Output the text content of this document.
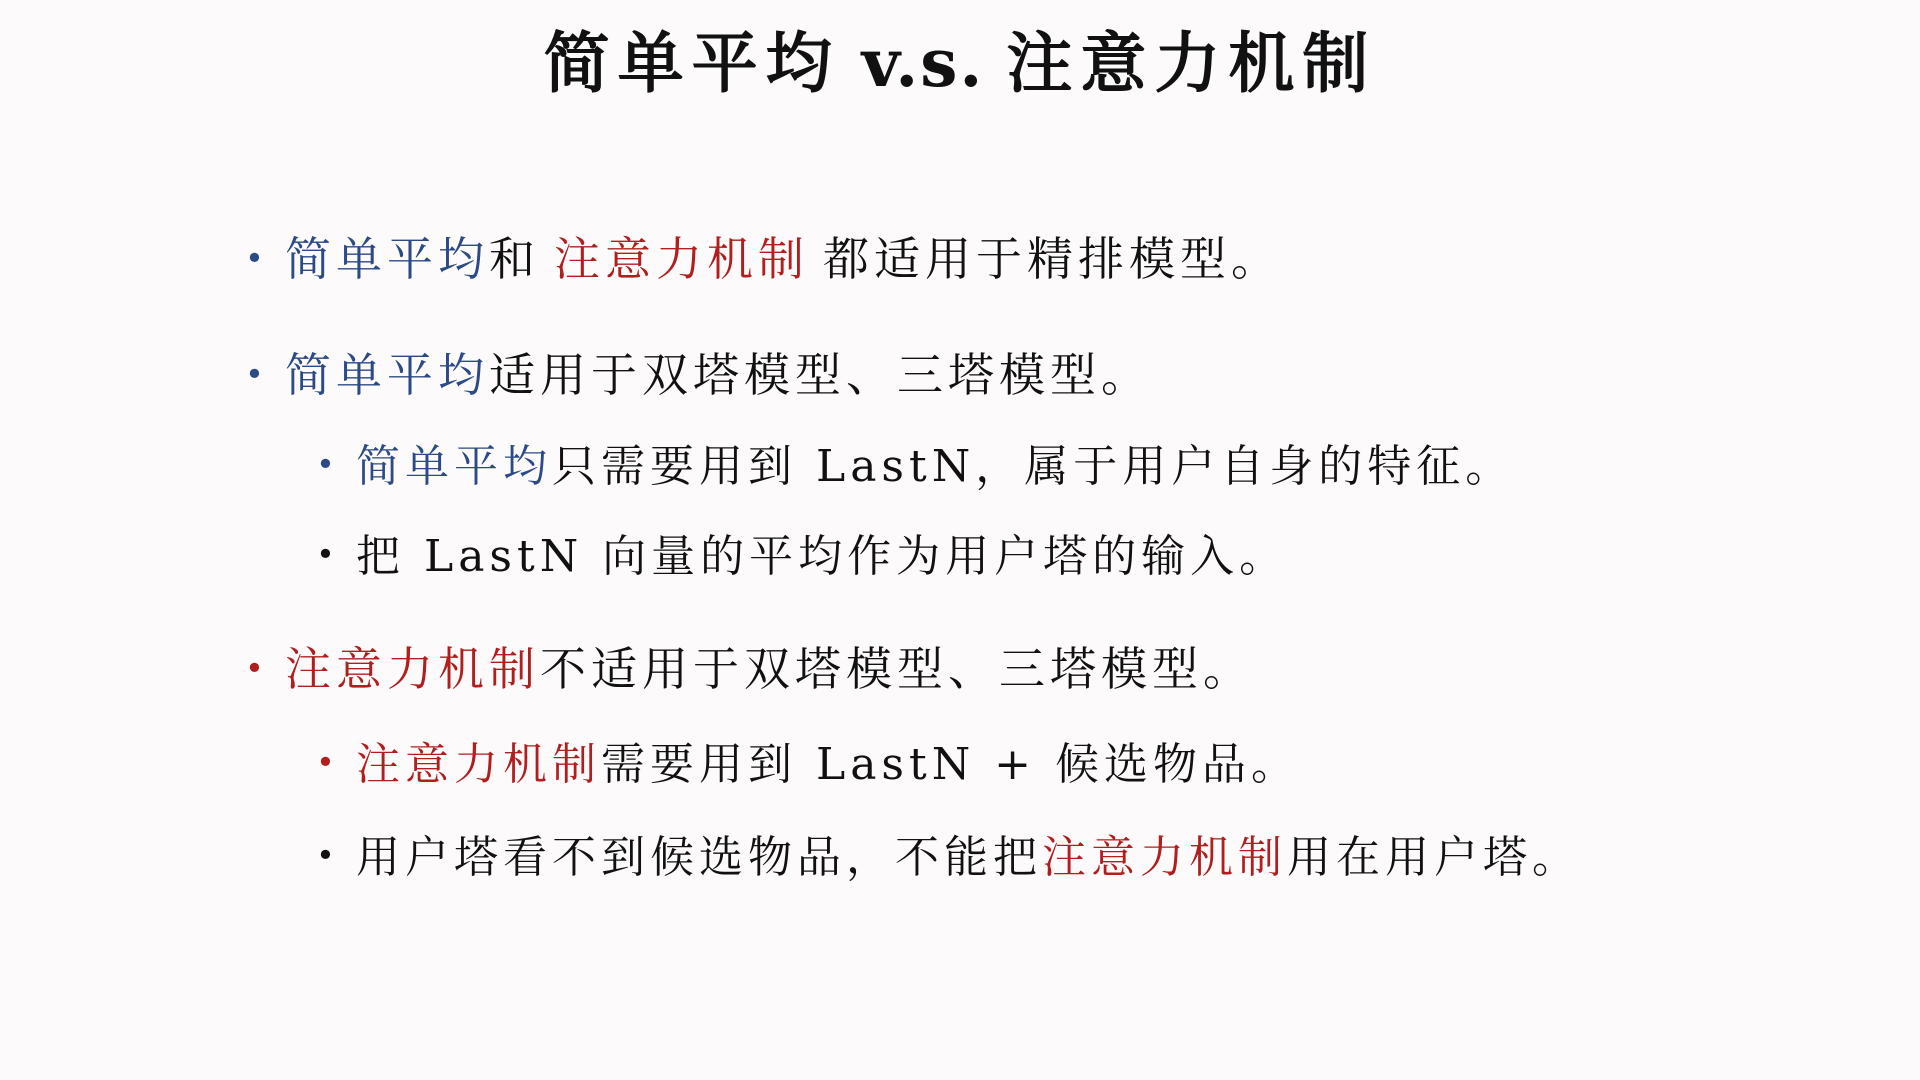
简单平均 v.s. 注意力机制
• 简单平均和 注意力机制 都适用于精排模型。
• 简单平均适用于双塔模型、三塔模型。
• 简单平均只需要用到 LastN，属于用户自身的特征。
• 把 LastN 向量的平均作为用户塔的输入。
• 注意力机制不适用于双塔模型、三塔模型。
• 注意力机制需要用到 LastN + 候选物品。
• 用户塔看不到候选物品，不能把注意力机制用在用户塔。
